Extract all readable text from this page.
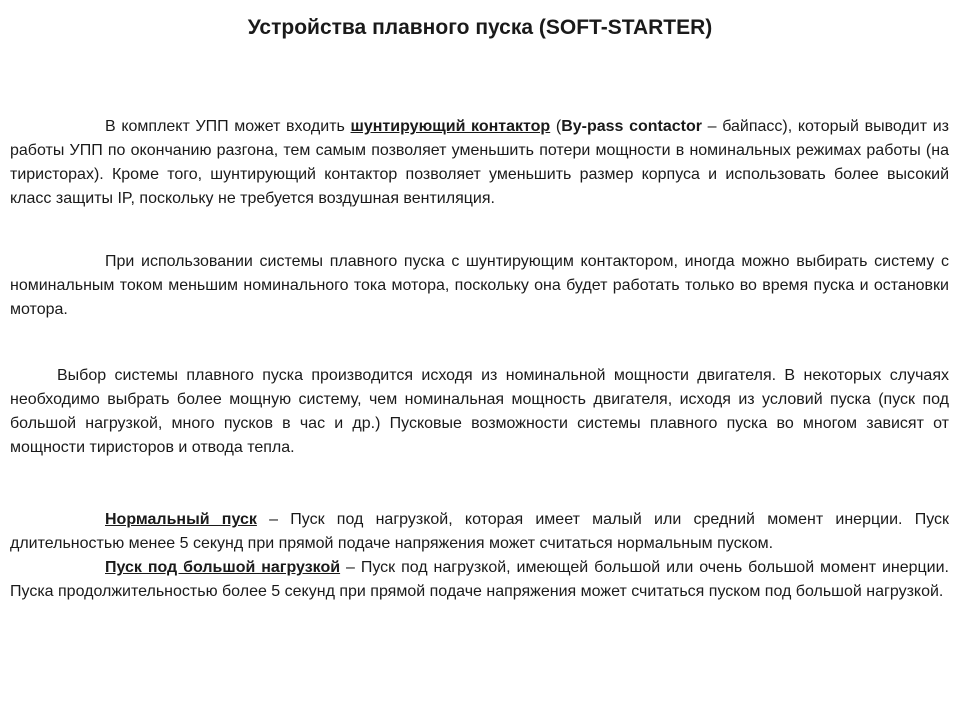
Устройства плавного пуска (SOFT-STARTER)

В комплект УПП может входить шунтирующий контактор (By-pass contactor – байпасс), который выводит из работы УПП по окончанию разгона, тем самым позволяет уменьшить потери мощности в номинальных режимах работы (на тиристорах). Кроме того, шунтирующий контактор позволяет уменьшить размер корпуса и использовать более высокий класс защиты IP, поскольку не требуется воздушная вентиляция.

При использовании системы плавного пуска с шунтирующим контактором, иногда можно выбирать систему с номинальным током меньшим номинального тока мотора, поскольку она будет работать только во время пуска и остановки мотора.

Выбор системы плавного пуска производится исходя из номинальной мощности двигателя. В некоторых случаях необходимо выбрать более мощную систему, чем номинальная мощность двигателя, исходя из условий пуска (пуск под большой нагрузкой, много пусков в час и др.) Пусковые возможности системы плавного пуска во многом зависят от мощности тиристоров и отвода тепла.

Нормальный пуск – Пуск под нагрузкой, которая имеет малый или средний момент инерции. Пуск длительностью менее 5 секунд при прямой подаче напряжения может считаться нормальным пуском.

Пуск под большой нагрузкой – Пуск под нагрузкой, имеющей большой или очень большой момент инерции. Пуска продолжительностью более 5 секунд при прямой подаче напряжения может считаться пуском под большой нагрузкой.
